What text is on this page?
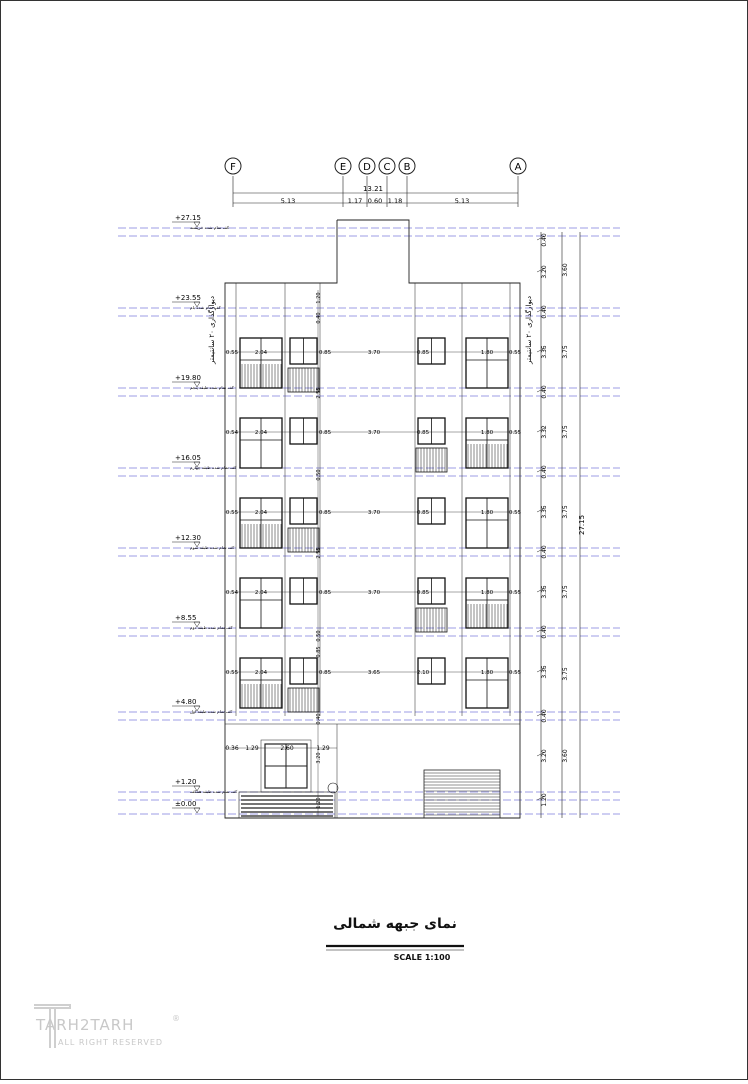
F	E D C B	A
13.21
5.13	1.17 0.60 1.18	5.13
+27.15
کف تمام شده خرپشته
+23.55
کف تمام شده بام
+19.80
کف تمام شده طبقه پنجم
+16.05
کف تمام شده طبقه چهارم
+12.30
کف تمام شده طبقه سوم
+8.55
کف تمام شده طبقه دوم
+4.80
کف تمام شده طبقه اول
+1.20
کف تمام شده طبقه همکف
±0.00
دیوارگذاری ۲۰ سانتیمتر
دیوارگذاری ۲۰ سانتیمتر
0.55	2.04	0.85	3.70	0.85	1.80	0.55
0.54	2.04	0.85	3.70	0.85	1.80	0.55
0.55	2.04	0.85	3.70	0.85	1.80	0.55
0.54	2.04	0.85	3.70	0.85	1.80	0.55
0.55	2.04	0.85	3.65	2.10	1.80	0.55
1.20
0.40
2.55
0.50
2.55
0.50
0.85
0.40
3.20
1.20
0.36 1.29	2.60	1.29
0.40
3.20
0.40
3.35
0.40
3.32
0.40
3.35
0.40
3.35
0.40
3.35
0.40
3.20
1.20
3.60
3.75
3.75
3.75
3.75
3.75
3.60
27.15
نمای جبهه شمالی
SCALE 1:100
TARH2TARH
ALL RIGHT RESERVED
®
